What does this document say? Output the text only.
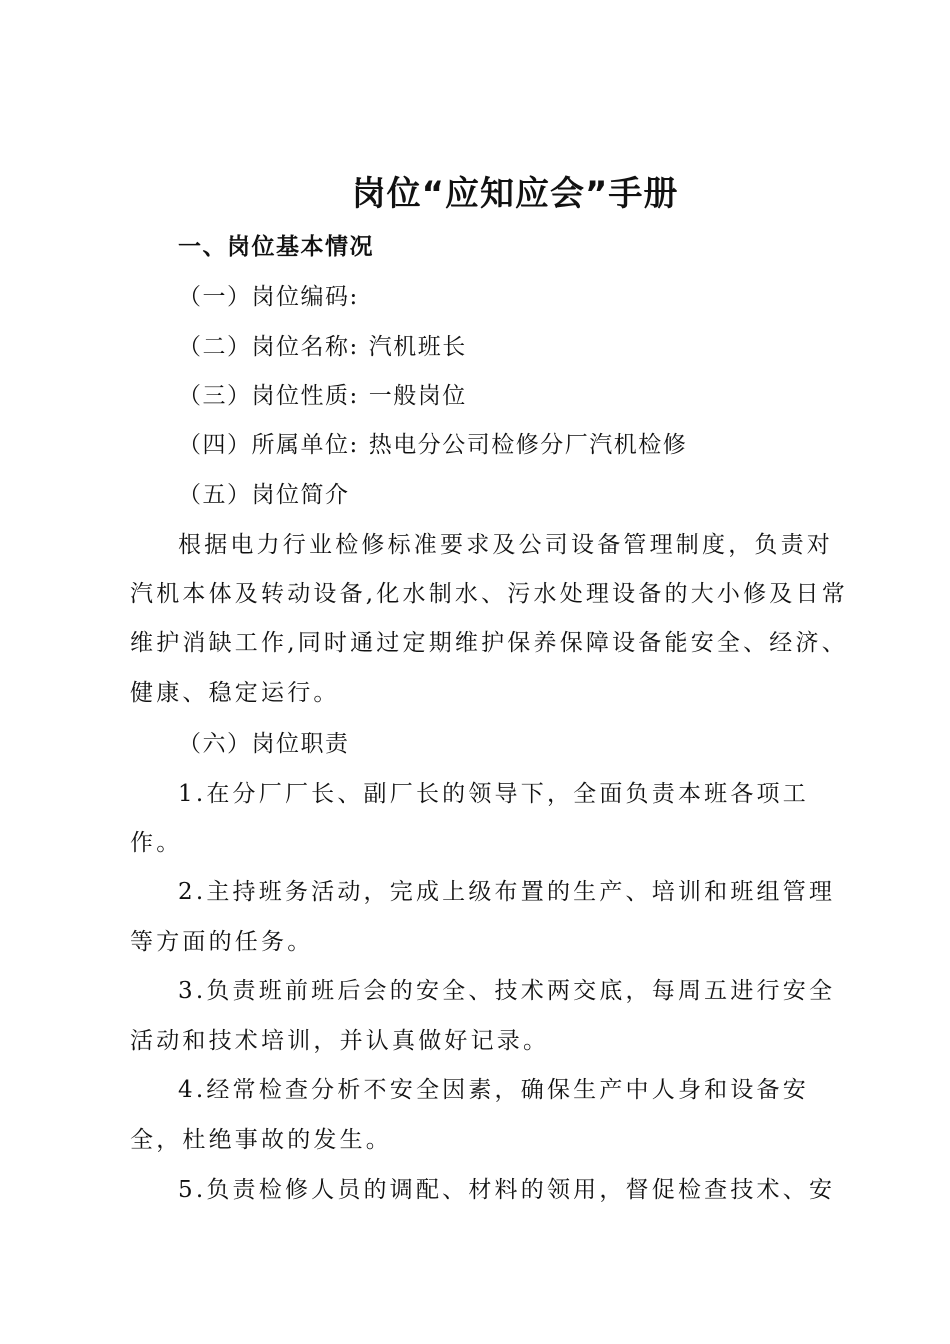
岗位“应知应会”手册
一、岗位基本情况
（一）岗位编码:
（二）岗位名称: 汽机班长
（三）岗位性质: 一般岗位
（四）所属单位: 热电分公司检修分厂汽机检修
（五）岗位简介
根据电力行业检修标准要求及公司设备管理制度，负责对
汽机本体及转动设备,化水制水、污水处理设备的大小修及日常
维护消缺工作,同时通过定期维护保养保障设备能安全、经济、
健康、稳定运行。
（六）岗位职责
1.在分厂厂长、副厂长的领导下，全面负责本班各项工
作。
2.主持班务活动，完成上级布置的生产、培训和班组管理
等方面的任务。
3.负责班前班后会的安全、技术两交底，每周五进行安全
活动和技术培训，并认真做好记录。
4.经常检查分析不安全因素，确保生产中人身和设备安
全，杜绝事故的发生。
5.负责检修人员的调配、材料的领用，督促检查技术、安
